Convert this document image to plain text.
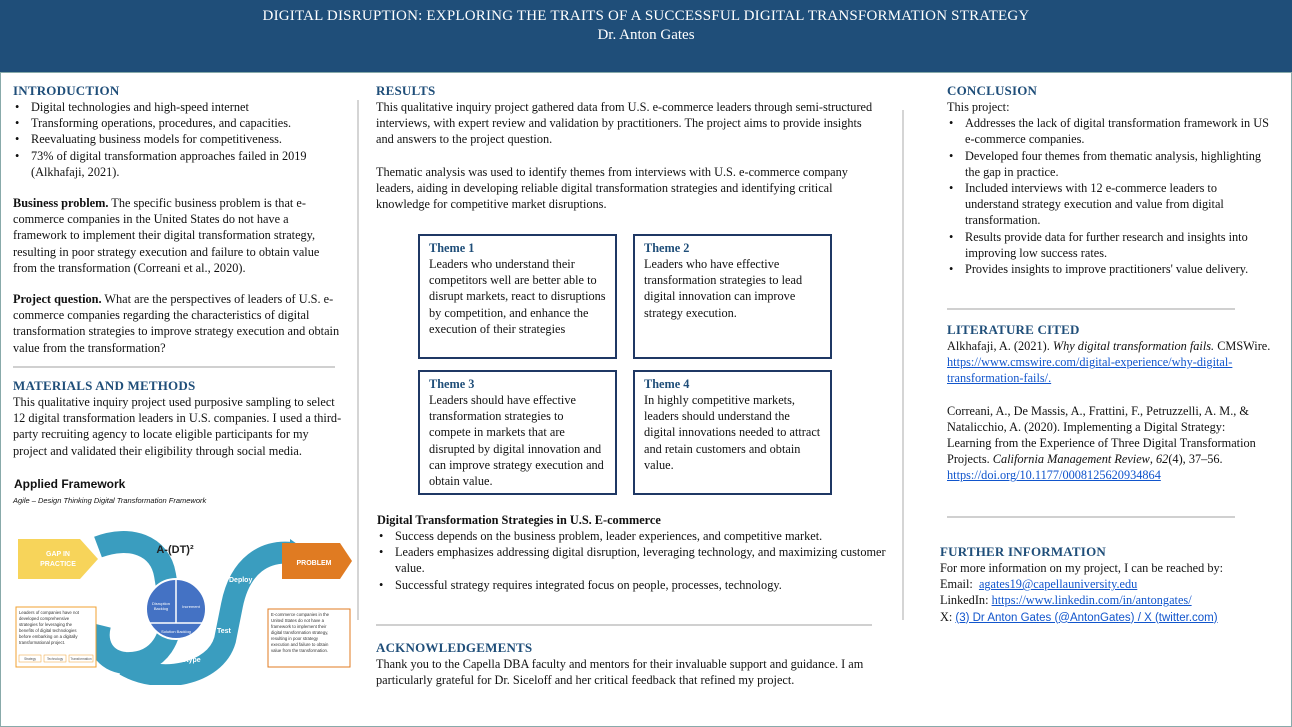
DIGITAL DISRUPTION: EXPLORING THE TRAITS OF A SUCCESSFUL DIGITAL TRANSFORMATION STRATEGY
Dr. Anton Gates
INTRODUCTION
• Digital technologies and high-speed internet
• Transforming operations, procedures, and capacities.
• Reevaluating business models for competitiveness.
• 73% of digital transformation approaches failed in 2019 (Alkhafaji, 2021).
Business problem. The specific business problem is that e-commerce companies in the United States do not have a framework to implement their digital transformation strategy, resulting in poor strategy execution and failure to obtain value from the transformation (Correani et al., 2020).
Project question. What are the perspectives of leaders of U.S. e-commerce companies regarding the characteristics of digital transformation strategies to improve strategy execution and obtain value from the transformation?
MATERIALS AND METHODS
This qualitative inquiry project used purposive sampling to select 12 digital transformation leaders in U.S. companies. I used a third-party recruiting agency to locate eligible participants for my project and validated their eligibility through social media.
Applied Framework
Agile – Design Thinking Digital Transformation Framework
GAP IN
PRACTICE	PROBLEM
A-(DT)²
Define
Ideate
Prototype
Test
Deploy
Disruption
Backlog	Increment
Solution Backlog
Leaders of companies have not developed comprehensive strategies for leveraging the benefits of digital technologies before embarking on a digitally transformational project.
Strategy	Technology Transformation
E-commerce companies in the United States do not have a framework to implement their digital transformation strategy, resulting in poor strategy execution and failure to obtain value from the transformation.
RESULTS
This qualitative inquiry project gathered data from U.S. e-commerce leaders through semi-structured interviews, with expert review and validation by practitioners. The project aims to provide insights and answers to the project question.
Thematic analysis was used to identify themes from interviews with U.S. e-commerce company leaders, aiding in developing reliable digital transformation strategies and identifying critical knowledge for competitive market disruptions.
Theme 1
Leaders who understand their competitors well are better able to disrupt markets, react to disruptions by competition, and enhance the execution of their strategies
Theme 2
Leaders who have effective transformation strategies to lead digital innovation can improve strategy execution.
Theme 3
Leaders should have effective transformation strategies to compete in markets that are disrupted by digital innovation and can improve strategy execution and obtain value.
Theme 4
In highly competitive markets, leaders should understand the digital innovations needed to attract and retain customers and obtain value.
Digital Transformation Strategies in U.S. E-commerce
• Success depends on the business problem, leader experiences, and competitive market.
• Leaders emphasizes addressing digital disruption, leveraging technology, and maximizing customer value.
• Successful strategy requires integrated focus on people, processes, technology.
ACKNOWLEDGEMENTS
Thank you to the Capella DBA faculty and mentors for their invaluable support and guidance. I am particularly grateful for Dr. Siceloff and her critical feedback that refined my project.
CONCLUSION
This project:
• Addresses the lack of digital transformation framework in US e-commerce companies.
• Developed four themes from thematic analysis, highlighting the gap in practice.
• Included interviews with 12 e-commerce leaders to understand strategy execution and value from digital transformation.
• Results provide data for further research and insights into improving low success rates.
• Provides insights to improve practitioners' value delivery.
LITERATURE CITED
Alkhafaji, A. (2021). Why digital transformation fails. CMSWire. https://www.cmswire.com/digital-experience/why-digital-transformation-fails/.
Correani, A., De Massis, A., Frattini, F., Petruzzelli, A. M., & Natalicchio, A. (2020). Implementing a Digital Strategy: Learning from the Experience of Three Digital Transformation Projects. California Management Review, 62(4), 37–56. https://doi.org/10.1177/0008125620934864
FURTHER INFORMATION
For more information on my project, I can be reached by:
Email:  agates19@capellauniversity.edu
LinkedIn: https://www.linkedin.com/in/antongates/
X: (3) Dr Anton Gates (@AntonGates) / X (twitter.com)
